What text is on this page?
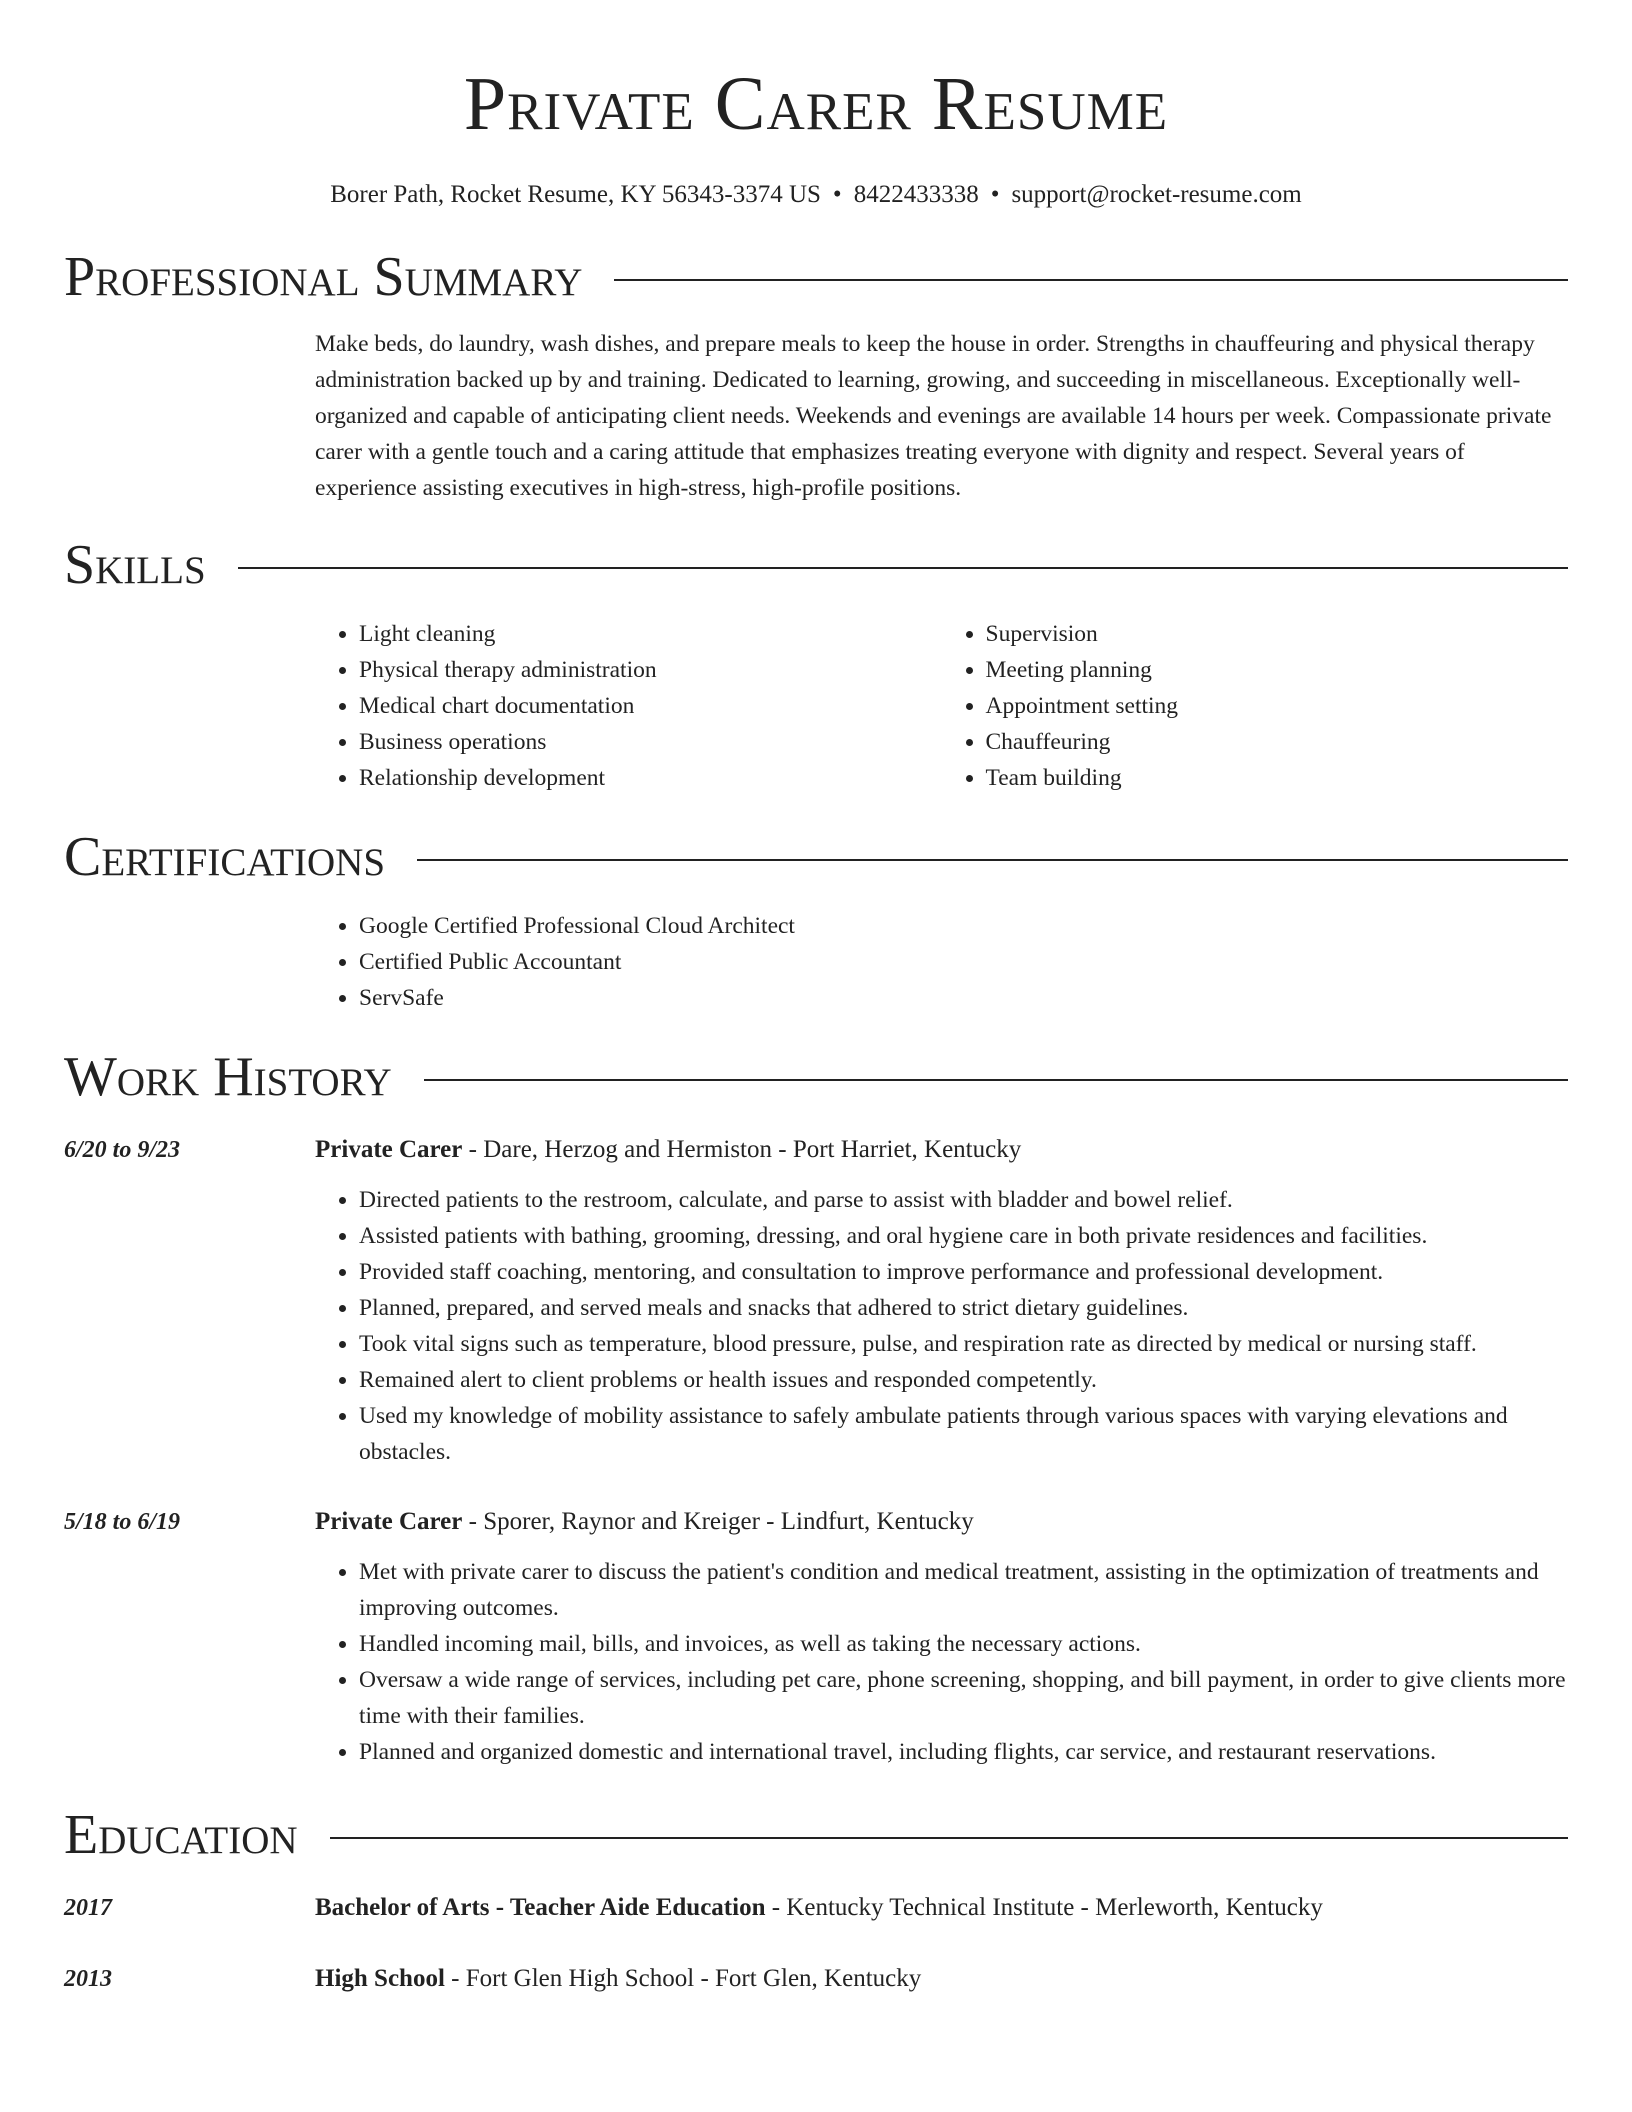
Private Carer Resume
Borer Path, Rocket Resume, KY 56343-3374 US • 8422433338 • support@rocket-resume.com
Professional Summary
Make beds, do laundry, wash dishes, and prepare meals to keep the house in order. Strengths in chauffeuring and physical therapy administration backed up by and training. Dedicated to learning, growing, and succeeding in miscellaneous. Exceptionally well-organized and capable of anticipating client needs. Weekends and evenings are available 14 hours per week. Compassionate private carer with a gentle touch and a caring attitude that emphasizes treating everyone with dignity and respect. Several years of experience assisting executives in high-stress, high-profile positions.
Skills
• Light cleaning
• Physical therapy administration
• Medical chart documentation
• Business operations
• Relationship development
• Supervision
• Meeting planning
• Appointment setting
• Chauffeuring
• Team building
Certifications
• Google Certified Professional Cloud Architect
• Certified Public Accountant
• ServSafe
Work History
6/20 to 9/23	Private Carer - Dare, Herzog and Hermiston - Port Harriet, Kentucky
• Directed patients to the restroom, calculate, and parse to assist with bladder and bowel relief.
• Assisted patients with bathing, grooming, dressing, and oral hygiene care in both private residences and facilities.
• Provided staff coaching, mentoring, and consultation to improve performance and professional development.
• Planned, prepared, and served meals and snacks that adhered to strict dietary guidelines.
• Took vital signs such as temperature, blood pressure, pulse, and respiration rate as directed by medical or nursing staff.
• Remained alert to client problems or health issues and responded competently.
• Used my knowledge of mobility assistance to safely ambulate patients through various spaces with varying elevations and obstacles.
5/18 to 6/19	Private Carer - Sporer, Raynor and Kreiger - Lindfurt, Kentucky
• Met with private carer to discuss the patient's condition and medical treatment, assisting in the optimization of treatments and improving outcomes.
• Handled incoming mail, bills, and invoices, as well as taking the necessary actions.
• Oversaw a wide range of services, including pet care, phone screening, shopping, and bill payment, in order to give clients more time with their families.
• Planned and organized domestic and international travel, including flights, car service, and restaurant reservations.
Education
2017	Bachelor of Arts - Teacher Aide Education - Kentucky Technical Institute - Merleworth, Kentucky
2013	High School - Fort Glen High School - Fort Glen, Kentucky
